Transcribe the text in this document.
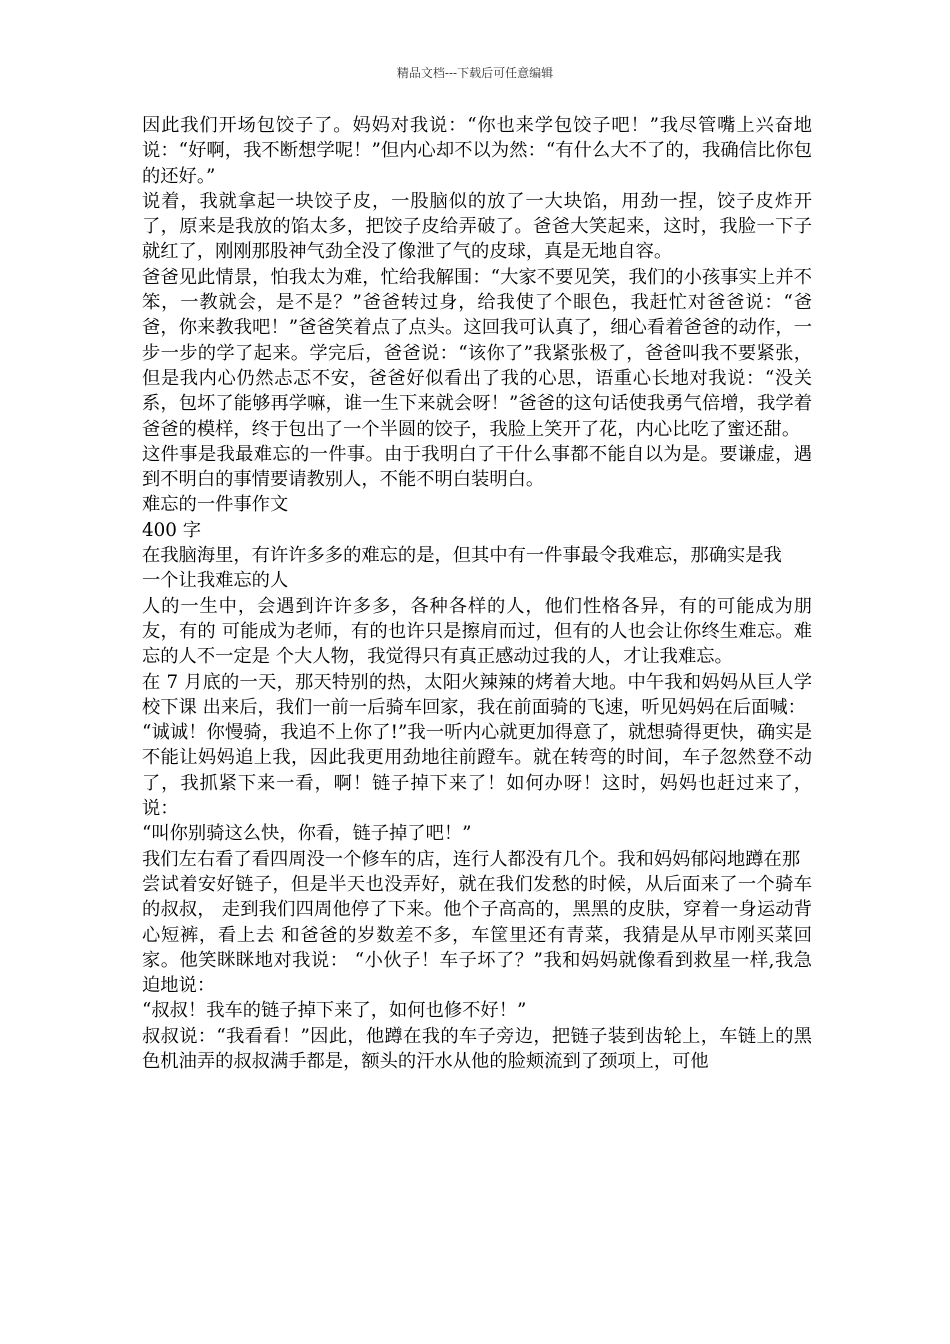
精品文档---下载后可任意编辑

因此我们开场包饺子了。妈妈对我说：“你也来学包饺子吧！”我尽管嘴上兴奋地说：“好啊，我不断想学呢！”但内心却不以为然：“有什么大不了的，我确信比你包的还好。”

说着，我就拿起一块饺子皮，一股脑似的放了一大块馅，用劲一捏，饺子皮炸开了，原来是我放的馅太多，把饺子皮给弄破了。爸爸大笑起来，这时，我脸一下子就红了，刚刚那股神气劲全没了像泄了气的皮球，真是无地自容。

爸爸见此情景，怕我太为难，忙给我解围：“大家不要见笑，我们的小孩事实上并不笨，一教就会，是不是？”爸爸转过身，给我使了个眼色，我赶忙对爸爸说：“爸爸，你来教我吧！”爸爸笑着点了点头。这回我可认真了，细心看着爸爸的动作，一步一步的学了起来。学完后，爸爸说：“该你了”我紧张极了，爸爸叫我不要紧张，但是我内心仍然忐忑不安，爸爸好似看出了我的心思，语重心长地对我说：“没关系，包坏了能够再学嘛，谁一生下来就会呀！”爸爸的这句话使我勇气倍增，我学着爸爸的模样，终于包出了一个半圆的饺子，我脸上笑开了花，内心比吃了蜜还甜。

这件事是我最难忘的一件事。由于我明白了干什么事都不能自以为是。要谦虚，遇到不明白的事情要请教别人，不能不明白装明白。

难忘的一件事作文

400 字

在我脑海里，有许许多多的难忘的是，但其中有一件事最令我难忘，那确实是我

一个让我难忘的人

人的一生中，会遇到许许多多，各种各样的人，他们性格各异，有的可能成为朋友，有的 可能成为老师，有的也许只是擦肩而过，但有的人也会让你终生难忘。难忘的人不一定是 个大人物，我觉得只有真正感动过我的人，才让我难忘。

在 7 月底的一天，那天特别的热，太阳火辣辣的烤着大地。中午我和妈妈从巨人学校下课 出来后，我们一前一后骑车回家，我在前面骑的飞速，听见妈妈在后面喊：

“诚诚！你慢骑，我追不上你了!”我一听内心就更加得意了，就想骑得更快，确实是不能让妈妈追上我，因此我更用劲地往前蹬车。就在转弯的时间，车子忽然登不动了，我抓紧下来一看，啊！链子掉下来了！如何办呀！这时，妈妈也赶过来了，说：

“叫你别骑这么快，你看，链子掉了吧！”

我们左右看了看四周没一个修车的店，连行人都没有几个。我和妈妈郁闷地蹲在那

尝试着安好链子，但是半天也没弄好，就在我们发愁的时候，从后面来了一个骑车的叔叔， 走到我们四周他停了下来。他个子高高的，黑黑的皮肤，穿着一身运动背心短裤，看上去 和爸爸的岁数差不多，车筐里还有青菜，我猜是从早市刚买菜回家。他笑眯眯地对我说： “小伙子！车子坏了？”我和妈妈就像看到救星一样,我急迫地说：

“叔叔！我车的链子掉下来了，如何也修不好！”

叔叔说：“我看看！”因此，他蹲在我的车子旁边，把链子装到齿轮上，车链上的黑色机油弄的叔叔满手都是，额头的汗水从他的脸颊流到了颈项上，可他
